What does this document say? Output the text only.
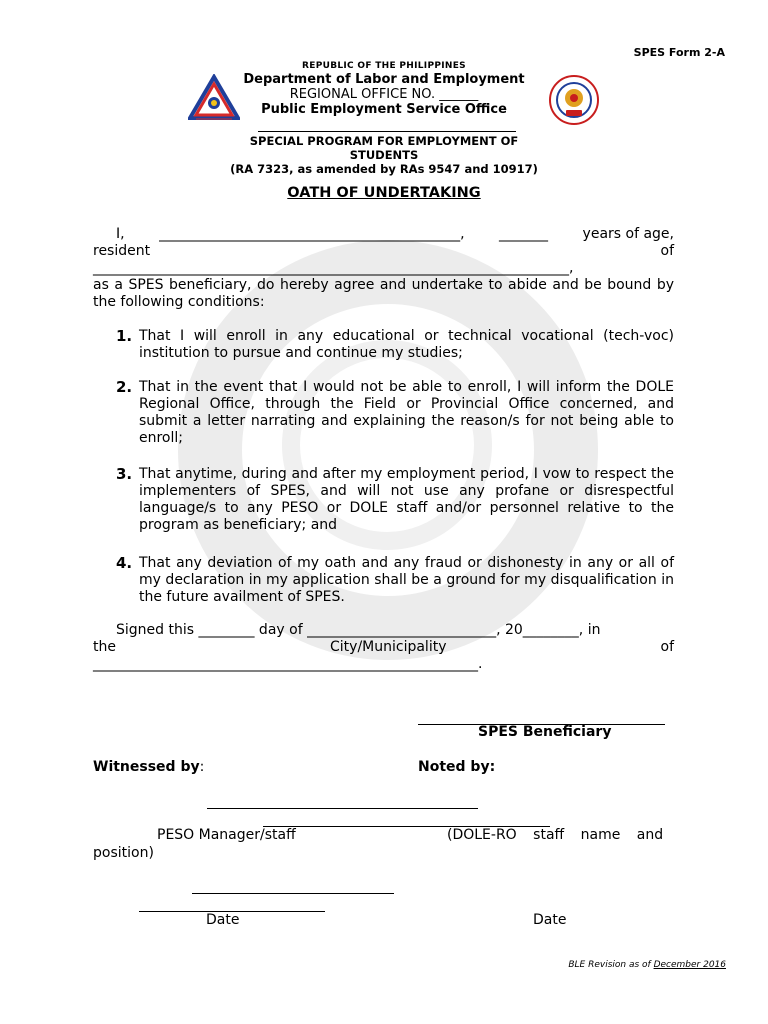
SPES Form 2-A
REPUBLIC OF THE PHILIPPINES
Department of Labor and Employment
REGIONAL OFFICE NO. ______
Public Employment Service Office
SPECIAL PROGRAM FOR EMPLOYMENT OF
STUDENTS
(RA 7323, as amended by RAs 9547 and 10917)
OATH OF UNDERTAKING
I, ___________________________________________, _______ years of age,
resident	of
____________________________________________________________________,
as a SPES beneficiary, do hereby agree and undertake to abide and be bound by the following conditions:
1. That I will enroll in any educational or technical vocational (tech-voc) institution to pursue and continue my studies;
2. That in the event that I would not be able to enroll, I will inform the DOLE Regional Office, through the Field or Provincial Office concerned, and submit a letter narrating and explaining the reason/s for not being able to enroll;
3. That anytime, during and after my employment period, I vow to respect the implementers of SPES, and will not use any profane or disrespectful language/s to any PESO or DOLE staff and/or personnel relative to the program as beneficiary; and
4. That any deviation of my oath and any fraud or dishonesty in any or all of my declaration in my application shall be a ground for my disqualification in the future availment of SPES.
Signed this ________ day of ___________________________, 20________, in
the	City/Municipality	of
_______________________________________________________.
SPES Beneficiary
Witnessed by:	Noted by:
PESO Manager/staff	(DOLE-RO staff name and
position)
Date	Date
BLE Revision as of December 2016
